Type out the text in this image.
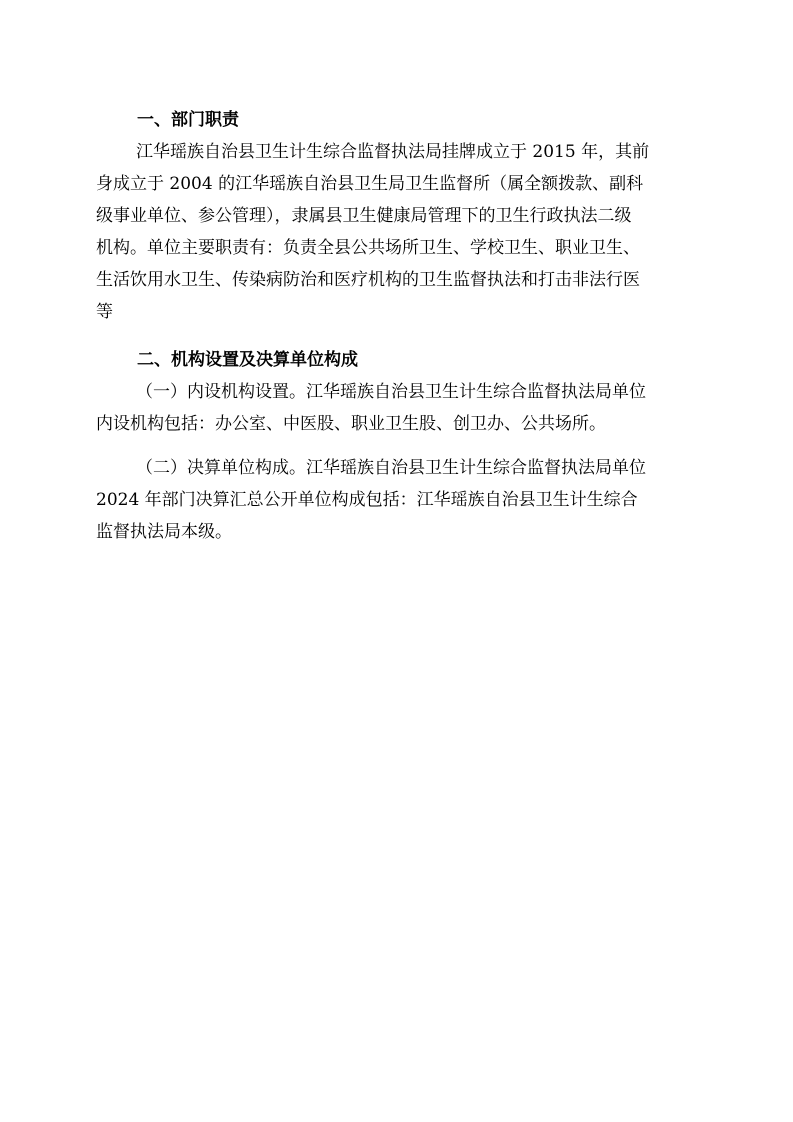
一、部门职责
江华瑶族自治县卫生计生综合监督执法局挂牌成立于 2015 年，其前
身成立于 2004 的江华瑶族自治县卫生局卫生监督所（属全额拨款、副科
级事业单位、参公管理），隶属县卫生健康局管理下的卫生行政执法二级
机构。单位主要职责有：负责全县公共场所卫生、学校卫生、职业卫生、
生活饮用水卫生、传染病防治和医疗机构的卫生监督执法和打击非法行医
等
二、机构设置及决算单位构成
（一）内设机构设置。江华瑶族自治县卫生计生综合监督执法局单位
内设机构包括：办公室、中医股、职业卫生股、创卫办、公共场所。
（二）决算单位构成。江华瑶族自治县卫生计生综合监督执法局单位
2024 年部门决算汇总公开单位构成包括：江华瑶族自治县卫生计生综合
监督执法局本级。
